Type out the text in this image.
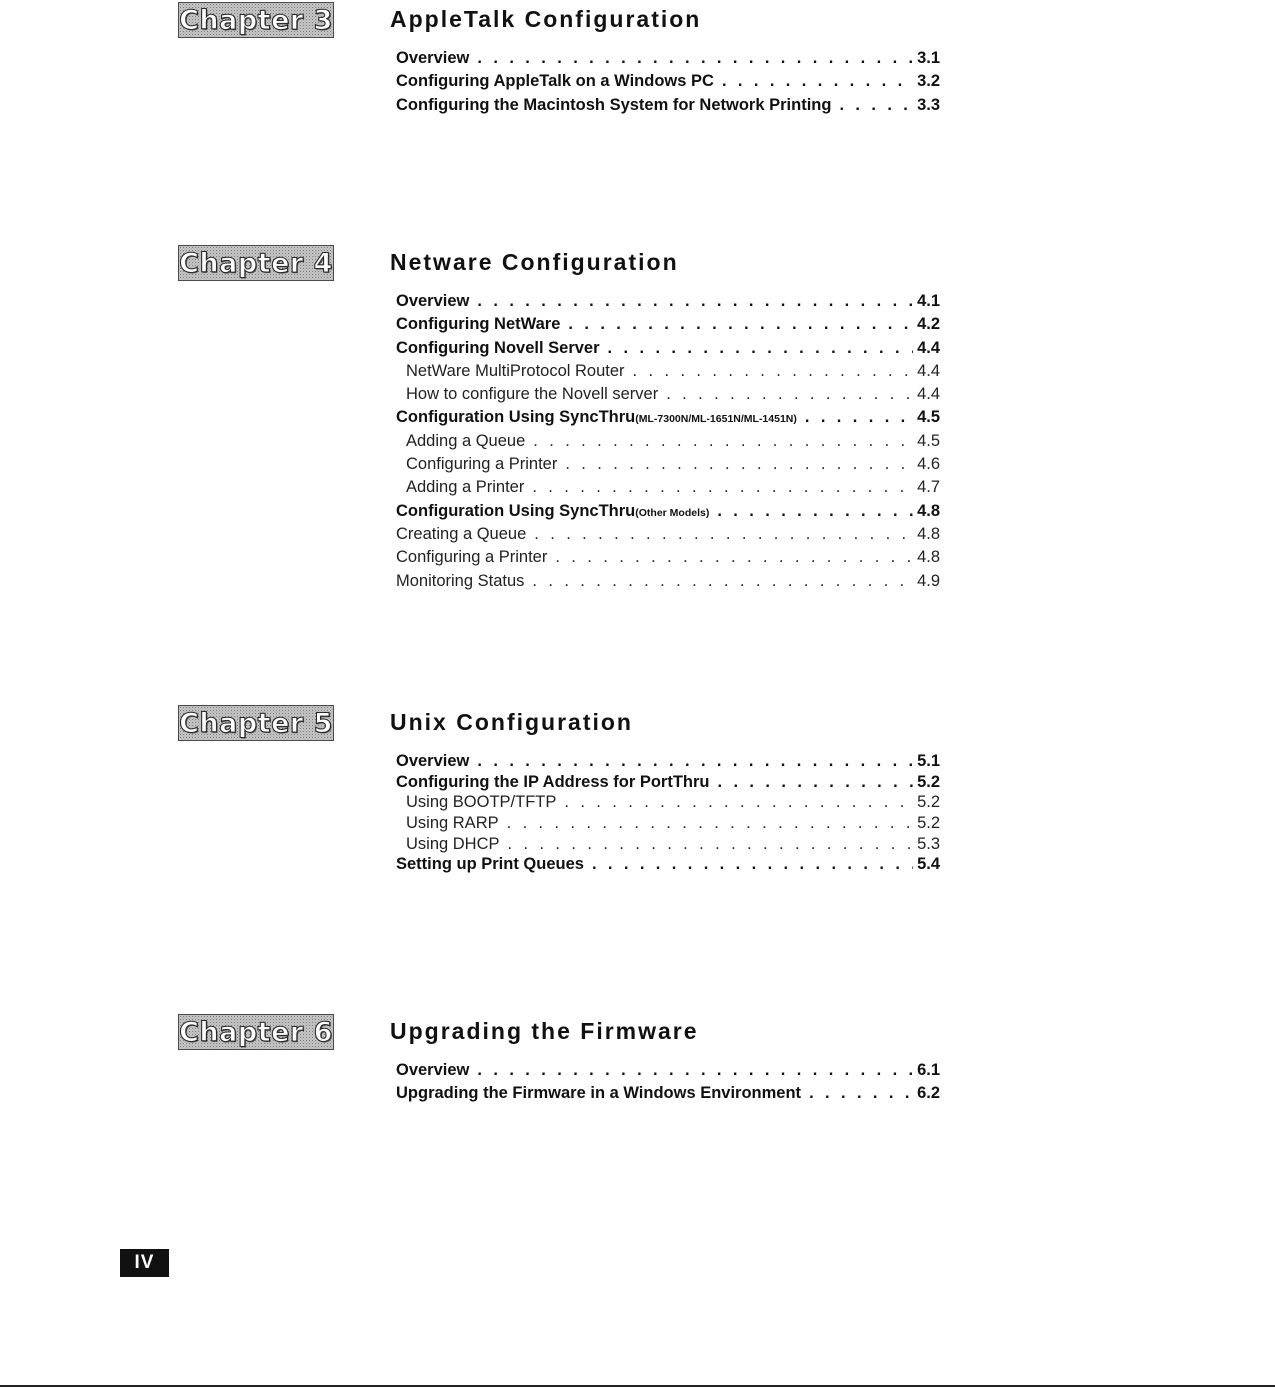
Chapter 3 AppleTalk Configuration
Overview . . .	3.1
Configuring AppleTalk on a Windows PC . . .	3.2
Configuring the Macintosh System for Network Printing . . .	3.3
Chapter 4 Netware Configuration
Overview . . .	4.1
Configuring NetWare . . .	4.2
Configuring Novell Server . . .	4.4
NetWare MultiProtocol Router . . .	4.4
How to configure the Novell server . . .	4.4
Configuration Using SyncThru(ML-7300N/ML-1651N/ML-1451N) . . .	4.5
Adding a Queue . . .	4.5
Configuring a Printer . . .	4.6
Adding a Printer . . .	4.7
Configuration Using SyncThru(Other Models) . . .	4.8
Creating a Queue . . .	4.8
Configuring a Printer . . .	4.8
Monitoring Status . . .	4.9
Chapter 5 Unix Configuration
Overview . . .	5.1
Configuring the IP Address for PortThru . . .	5.2
Using BOOTP/TFTP . . .	5.2
Using RARP . . .	5.2
Using DHCP . . .	5.3
Setting up Print Queues . . .	5.4
Chapter 6 Upgrading the Firmware
Overview . . .	6.1
Upgrading the Firmware in a Windows Environment . . .	6.2
IV
